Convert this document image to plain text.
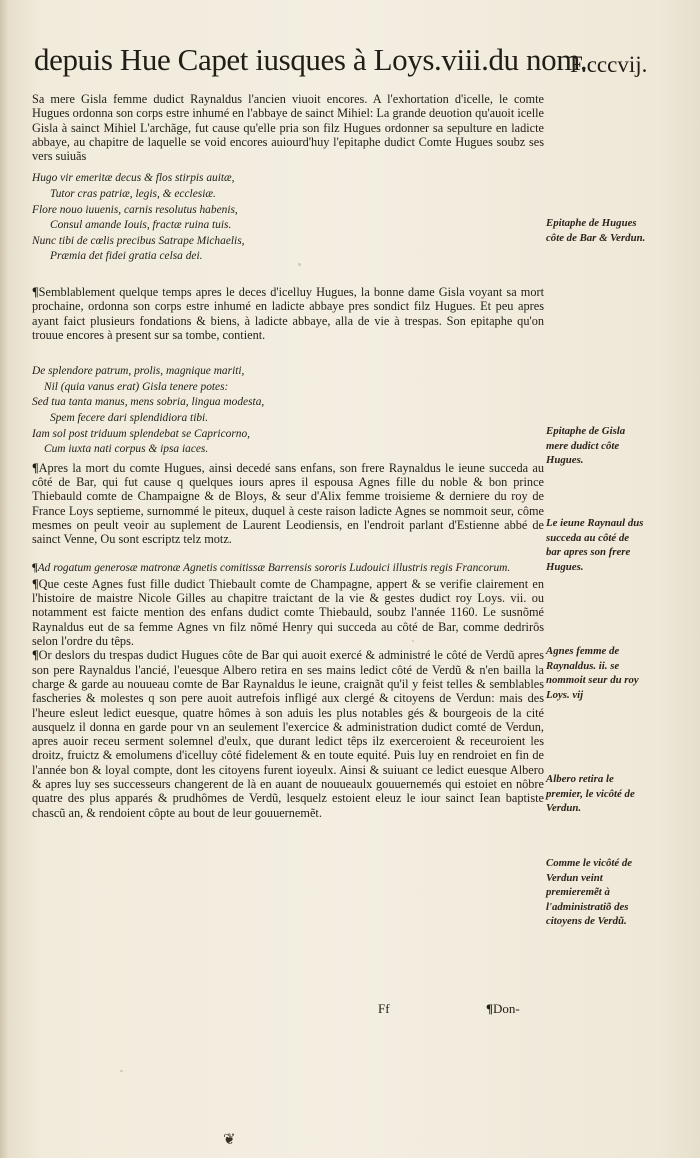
depuis Hue Capet iusques à Loys.viii.du nom.
F.cccvij.

Sa mere Gisla femme dudict Raynaldus l'ancien viuoit encores. A l'exhortation d'icelle, le comte Hugues ordonna son corps estre inhumé en l'abbaye de sainct Mihiel: La grande deuotion qu'auoit icelle Gisla à sainct Mihiel L'archãge, fut cause qu'elle pria son filz Hugues ordonner sa sepulture en ladicte abbaye, au chapitre de laquelle se void encores auiourd'huy l'epitaphe dudict Comte Hugues soubz ses vers suiuãs

Hugo vir emeritæ decus & flos stirpis auitæ,
Tutor cras patriæ, legis, & ecclesiæ.
Flore nouo iuuenis, carnis resolutus habenis,
Consul amande Iouis, fractæ ruina tuis.
Nunc tibi de cœlis precibus Satrape Michaelis,
Præmia det fidei gratia celsa dei.

¶Semblablement quelque temps apres le deces d'icelluy Hugues, la bonne dame Gisla voyant sa mort prochaine, ordonna son corps estre inhumé en ladicte abbaye pres sondict filz Hugues. Et peu apres ayant faict plusieurs fondations & biens, à ladicte abbaye, alla de vie à trespas. Son epitaphe qu'on trouue encores à present sur sa tombe, contient.

De splendore patrum, prolis, magnique mariti,
Nil (quia vanus erat) Gisla tenere potes:
Sed tua tanta manus, mens sobria, lingua modesta,
Spem fecere dari splendidiora tibi.
Iam sol post triduum splendebat se Capricorno,
Cum iuxta nati corpus & ipsa iaces.

¶Apres la mort du comte Hugues, ainsi decedé sans enfans, son frere Raynaldus le ieune succeda au côté de Bar, qui fut cause q quelques iours apres il espousa Agnes fille du noble & bon prince Thiebauld comte de Champaigne & de Bloys, & seur d'Alix femme troisieme & derniere du roy de France Loys septieme, surnommé le piteux, duquel à ceste raison ladicte Agnes se nommoit seur, côme mesmes on peult veoir au suplement de Laurent Leodiensis, en l'endroit parlant d'Estienne abbé de sainct Venne, Ou sont escriptz telz motz.

¶Ad rogatum generosæ matronæ Agnetis comitissæ Barrensis sororis Ludouici illustris regis Francorum.

¶Que ceste Agnes fust fille dudict Thiebault comte de Champagne, appert & se verifie clairement en l'histoire de maistre Nicole Gilles au chapitre traictant de la vie & gestes dudict roy Loys. vii. ou notamment est faicte mention des enfans dudict comte Thiebauld, soubz l'année 1160. Le susnõmé Raynaldus eut de sa femme Agnes vn filz nõmé Henry qui succeda au côté de Bar, comme dedrirôs selon l'ordre du têps.

¶Or deslors du trespas dudict Hugues côte de Bar qui auoit exercé & administré le côté de Verdũ apres son pere Raynaldus l'ancié, l'euesque Albero retira en ses mains ledict côté de Verdũ & n'en bailla la charge & garde au nouueau comte de Bar Raynaldus le ieune, craignãt qu'il y feist telles & semblables fascheries & molestes q son pere auoit autrefois infligé aux clergé & citoyens de Verdun: mais des l'heure esleut ledict euesque, quatre hômes à son aduis les plus notables gés & bourgeois de la cité ausquelz il donna en garde pour vn an seulement l'exercice & administration dudict comté de Verdun, apres auoir receu serment solemnel d'eulx, que durant ledict têps ilz exerceroient & receuroient les droitz, fruictz & emolumens d'icelluy côté fidelement & en toute equité. Puis luy en rendroiet en fin de l'année bon & loyal compte, dont les citoyens furent ioyeulx. Ainsi & suiuant ce ledict euesque Albero & apres luy ses successeurs changerent de là en auant de nouueaulx gouuernemés qui estoiet en nôbre quatre des plus apparés & prudhômes de Verdũ, lesquelz estoient eleuz le iour sainct Iean baptiste chascũ an, & rendoient côpte au bout de leur gouuernemẽt.

Epitaphe de Hugues côte de Bar & Verdun.
Epitaphe de Gisla mere dudict côte Hugues.
Le ieune Raynaul dus succeda au côté de bar apres son frere Hugues.
Agnes femme de Raynaldus. ii. se nommoit seur du roy Loys. vij
Albero retira le premier, le vicôté de Verdun.
Comme le vicôté de Verdun veint premieremẽt à l'administratiõ des citoyens de Verdũ.
Ff	¶Don-
❦
